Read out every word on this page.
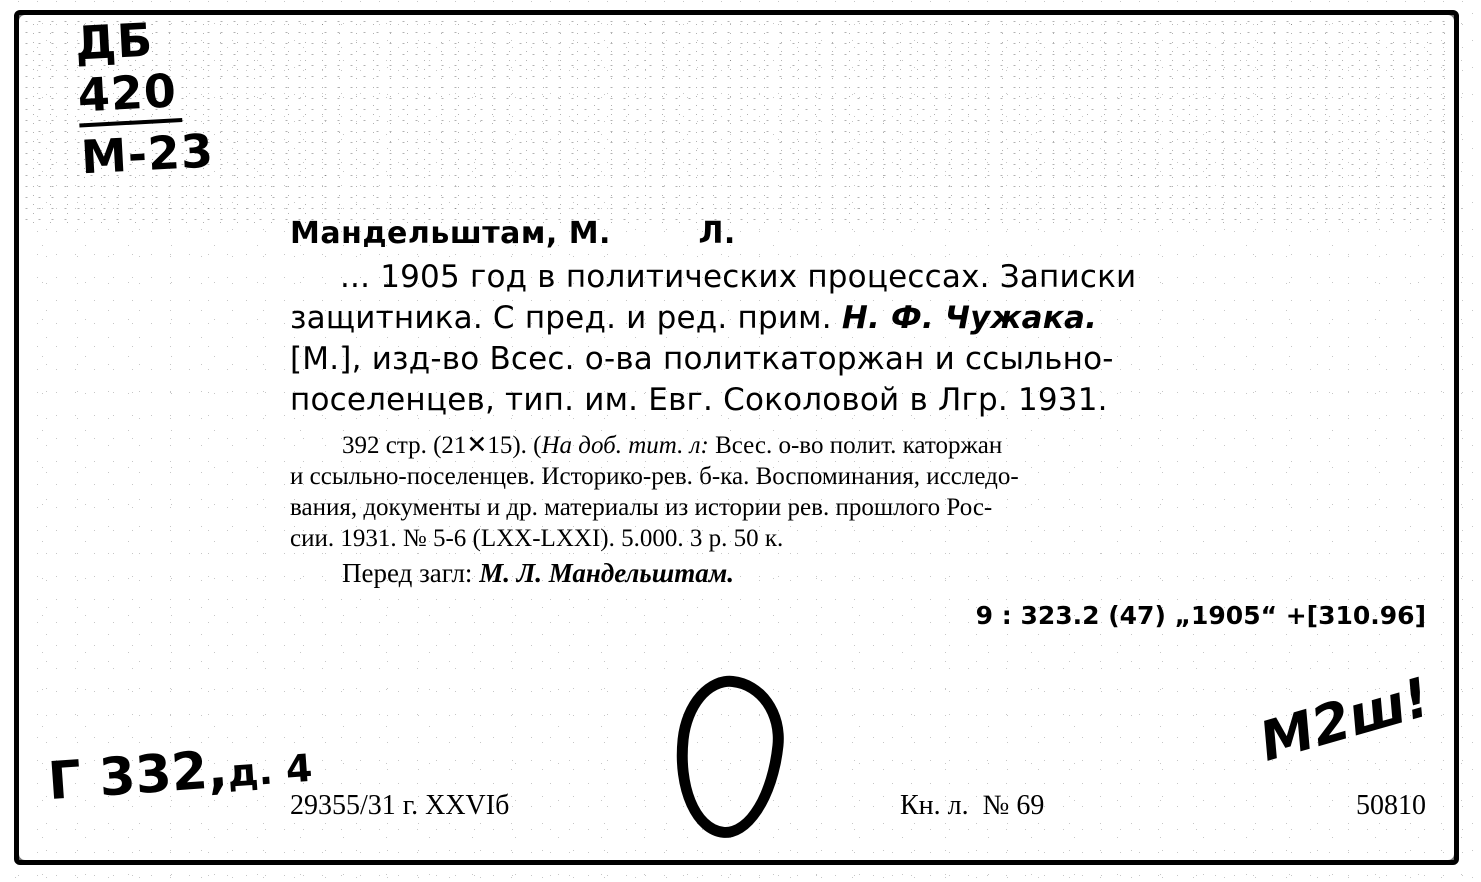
ДБ
420
М-23
Мандельштам, М.        Л.
... 1905 год в политических процессах. Записки
защитника. С пред. и ред. прим. Н. Ф. Чужака.
[М.], изд-во Всес. о-ва политкаторжан и ссыльно-
поселенцев, тип. им. Евг. Соколовой в Лгр. 1931.
392 стр. (21✕15). (На доб. тит. л: Всес. о-во полит. каторжан
и ссыльно-поселенцев. Историко-рев. б-ка. Воспоминания, исследо-
вания, документы и др. материалы из истории рев. прошлого Рос-
сии. 1931. № 5-6 (LXX-LXXI). 5.000. 3 р. 50 к.
Перед загл: М. Л. Мандельштам.
9 : 323.2 (47) „1905“ +[310.96]
Г 332,д. 4	М2ш!
29355/31 г. XXVIб	Кн. л.  № 69	50810
